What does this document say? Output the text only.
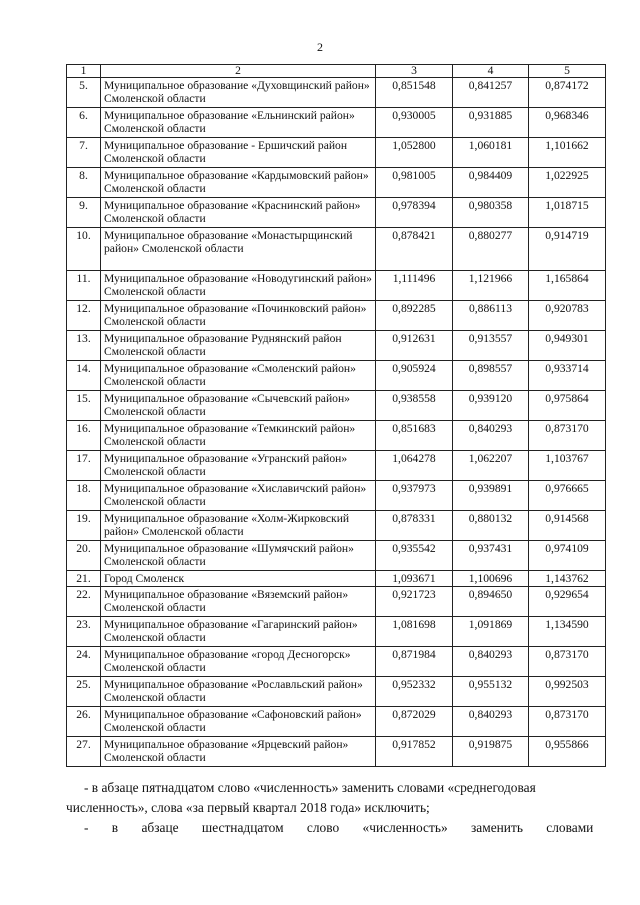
2
1	2	3	4	5
5.	Муниципальное образование «Духовщинский район» Смоленской области	0,851548	0,841257	0,874172
6.	Муниципальное образование «Ельнинский район» Смоленской области	0,930005	0,931885	0,968346
7.	Муниципальное образование - Ершичский район Смоленской области	1,052800	1,060181	1,101662
8.	Муниципальное образование «Кардымовский район» Смоленской области	0,981005	0,984409	1,022925
9.	Муниципальное образование «Краснинский район» Смоленской области	0,978394	0,980358	1,018715
10.	Муниципальное образование «Монастырщинский район» Смоленской области	0,878421	0,880277	0,914719
11.	Муниципальное образование «Новодугинский район» Смоленской области	1,111496	1,121966	1,165864
12.	Муниципальное образование «Починковский район» Смоленской области	0,892285	0,886113	0,920783
13.	Муниципальное образование Руднянский район Смоленской области	0,912631	0,913557	0,949301
14.	Муниципальное образование «Смоленский район» Смоленской области	0,905924	0,898557	0,933714
15.	Муниципальное образование «Сычевский район» Смоленской области	0,938558	0,939120	0,975864
16.	Муниципальное образование «Темкинский район» Смоленской области	0,851683	0,840293	0,873170
17.	Муниципальное образование «Угранский район» Смоленской области	1,064278	1,062207	1,103767
18.	Муниципальное образование «Хиславичский район» Смоленской области	0,937973	0,939891	0,976665
19.	Муниципальное образование «Холм-Жирковский район» Смоленской области	0,878331	0,880132	0,914568
20.	Муниципальное образование «Шумячский район» Смоленской области	0,935542	0,937431	0,974109
21.	Город Смоленск	1,093671	1,100696	1,143762
22.	Муниципальное образование «Вяземский район» Смоленской области	0,921723	0,894650	0,929654
23.	Муниципальное образование «Гагаринский район» Смоленской области	1,081698	1,091869	1,134590
24.	Муниципальное образование «город Десногорск» Смоленской области	0,871984	0,840293	0,873170
25.	Муниципальное образование «Рославльский район» Смоленской области	0,952332	0,955132	0,992503
26.	Муниципальное образование «Сафоновский район» Смоленской области	0,872029	0,840293	0,873170
27.	Муниципальное образование «Ярцевский район» Смоленской области	0,917852	0,919875	0,955866
- в абзаце пятнадцатом слово «численность» заменить словами «среднегодовая
численность», слова «за первый квартал 2018 года» исключить;
- в абзаце шестнадцатом слово «численность» заменить словами
